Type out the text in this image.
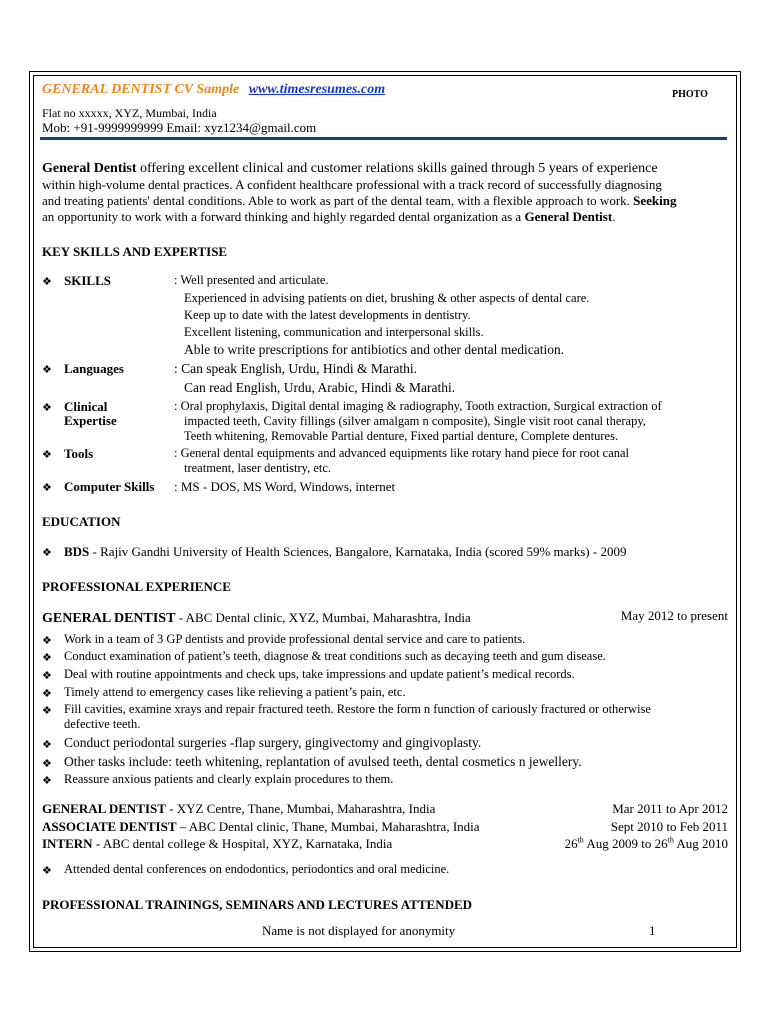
GENERAL DENTIST CV Sample www.timesresumes.com	PHOTO
Flat no xxxxx, XYZ, Mumbai, India
Mob: +91-9999999999 Email: xyz1234@gmail.com
General Dentist offering excellent clinical and customer relations skills gained through 5 years of experience
within high-volume dental practices. A confident healthcare professional with a track record of successfully diagnosing
and treating patients' dental conditions. Able to work as part of the dental team, with a flexible approach to work. Seeking
an opportunity to work with a forward thinking and highly regarded dental organization as a General Dentist.
KEY SKILLS AND EXPERTISE
❖ SKILLS	: Well presented and articulate.
Experienced in advising patients on diet, brushing & other aspects of dental care.
Keep up to date with the latest developments in dentistry.
Excellent listening, communication and interpersonal skills.
Able to write prescriptions for antibiotics and other dental medication.
❖ Languages	: Can speak English, Urdu, Hindi & Marathi.
Can read English, Urdu, Arabic, Hindi & Marathi.
❖ Clinical
Expertise
: Oral prophylaxis, Digital dental imaging & radiography, Tooth extraction, Surgical extraction of
impacted teeth, Cavity fillings (silver amalgam n composite), Single visit root canal therapy,
Teeth whitening, Removable Partial denture, Fixed partial denture, Complete dentures.
❖ Tools	: General dental equipments and advanced equipments like rotary hand piece for root canal
treatment, laser dentistry, etc.
❖ Computer Skills : MS - DOS, MS Word, Windows, internet
EDUCATION
❖ BDS - Rajiv Gandhi University of Health Sciences, Bangalore, Karnataka, India (scored 59% marks) - 2009
PROFESSIONAL EXPERIENCE
GENERAL DENTIST - ABC Dental clinic, XYZ, Mumbai, Maharashtra, India	May 2012 to present
❖ Work in a team of 3 GP dentists and provide professional dental service and care to patients.
❖ Conduct examination of patient’s teeth, diagnose & treat conditions such as decaying teeth and gum disease.
❖ Deal with routine appointments and check ups, take impressions and update patient’s medical records.
❖ Timely attend to emergency cases like relieving a patient’s pain, etc.
❖ Fill cavities, examine xrays and repair fractured teeth. Restore the form n function of cariously fractured or otherwise
defective teeth.
❖ Conduct periodontal surgeries -flap surgery, gingivectomy and gingivoplasty.
❖ Other tasks include: teeth whitening, replantation of avulsed teeth, dental cosmetics n jewellery.
❖ Reassure anxious patients and clearly explain procedures to them.
GENERAL DENTIST - XYZ Centre, Thane, Mumbai, Maharashtra, India	Mar 2011 to Apr 2012
ASSOCIATE DENTIST – ABC Dental clinic, Thane, Mumbai, Maharashtra, India	Sept 2010 to Feb 2011
INTERN - ABC dental college & Hospital, XYZ, Karnataka, India	26th Aug 2009 to 26th Aug 2010
❖ Attended dental conferences on endodontics, periodontics and oral medicine.
PROFESSIONAL TRAININGS, SEMINARS AND LECTURES ATTENDED
Name is not displayed for anonymity	1
